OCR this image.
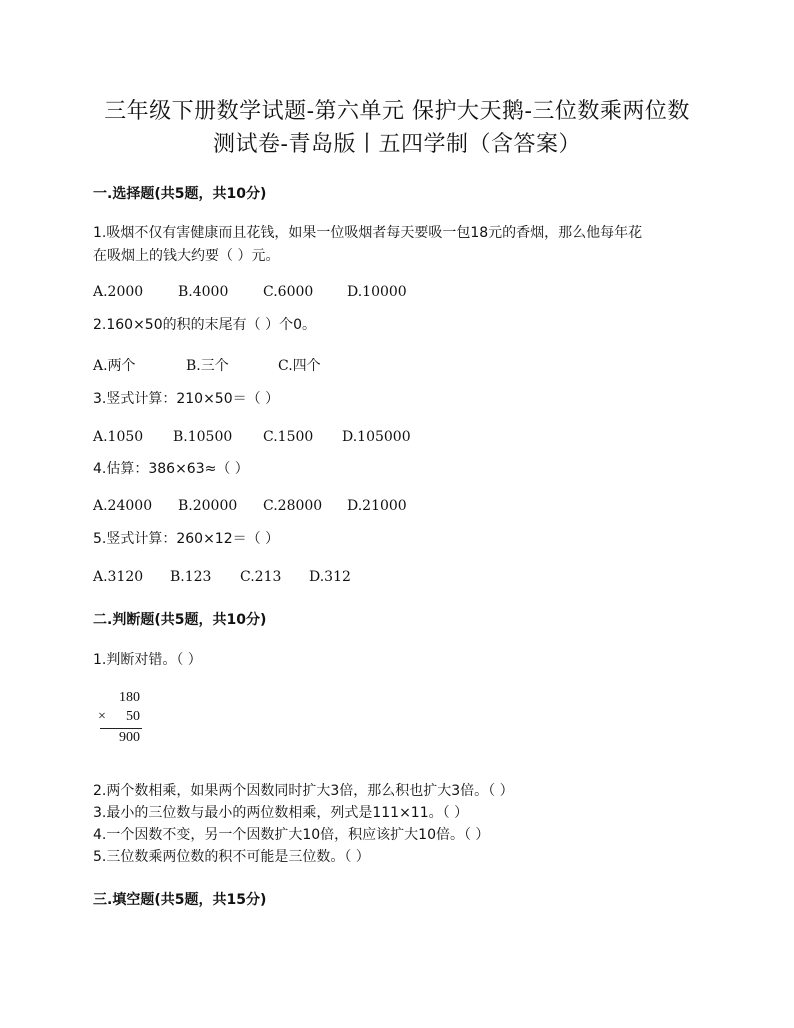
三年级下册数学试题-第六单元 保护大天鹅-三位数乘两位数
测试卷-青岛版丨五四学制（含答案）
一.选择题(共5题，共10分)
1.吸烟不仅有害健康而且花钱，如果一位吸烟者每天要吸一包18元的香烟，那么他每年花
在吸烟上的钱大约要（ ）元。
A.2000 B.4000 C.6000 D.10000
2.160×50的积的末尾有（ ）个0。
A.两个	B.三个	C.四个
3.竖式计算：210×50＝（ ）
A.1050 B.10500 C.1500 D.105000
4.估算：386×63≈（ ）
A.24000 B.20000 C.28000 D.21000
5.竖式计算：260×12＝（ ）
A.3120 B.123 C.213 D.312
二.判断题(共5题，共10分)
1.判断对错。（ ）
180
× 50
900
2.两个数相乘，如果两个因数同时扩大3倍，那么积也扩大3倍。（ ）
3.最小的三位数与最小的两位数相乘，列式是111×11。（ ）
4.一个因数不变，另一个因数扩大10倍，积应该扩大10倍。（ ）
5.三位数乘两位数的积不可能是三位数。（ ）
三.填空题(共5题，共15分)
